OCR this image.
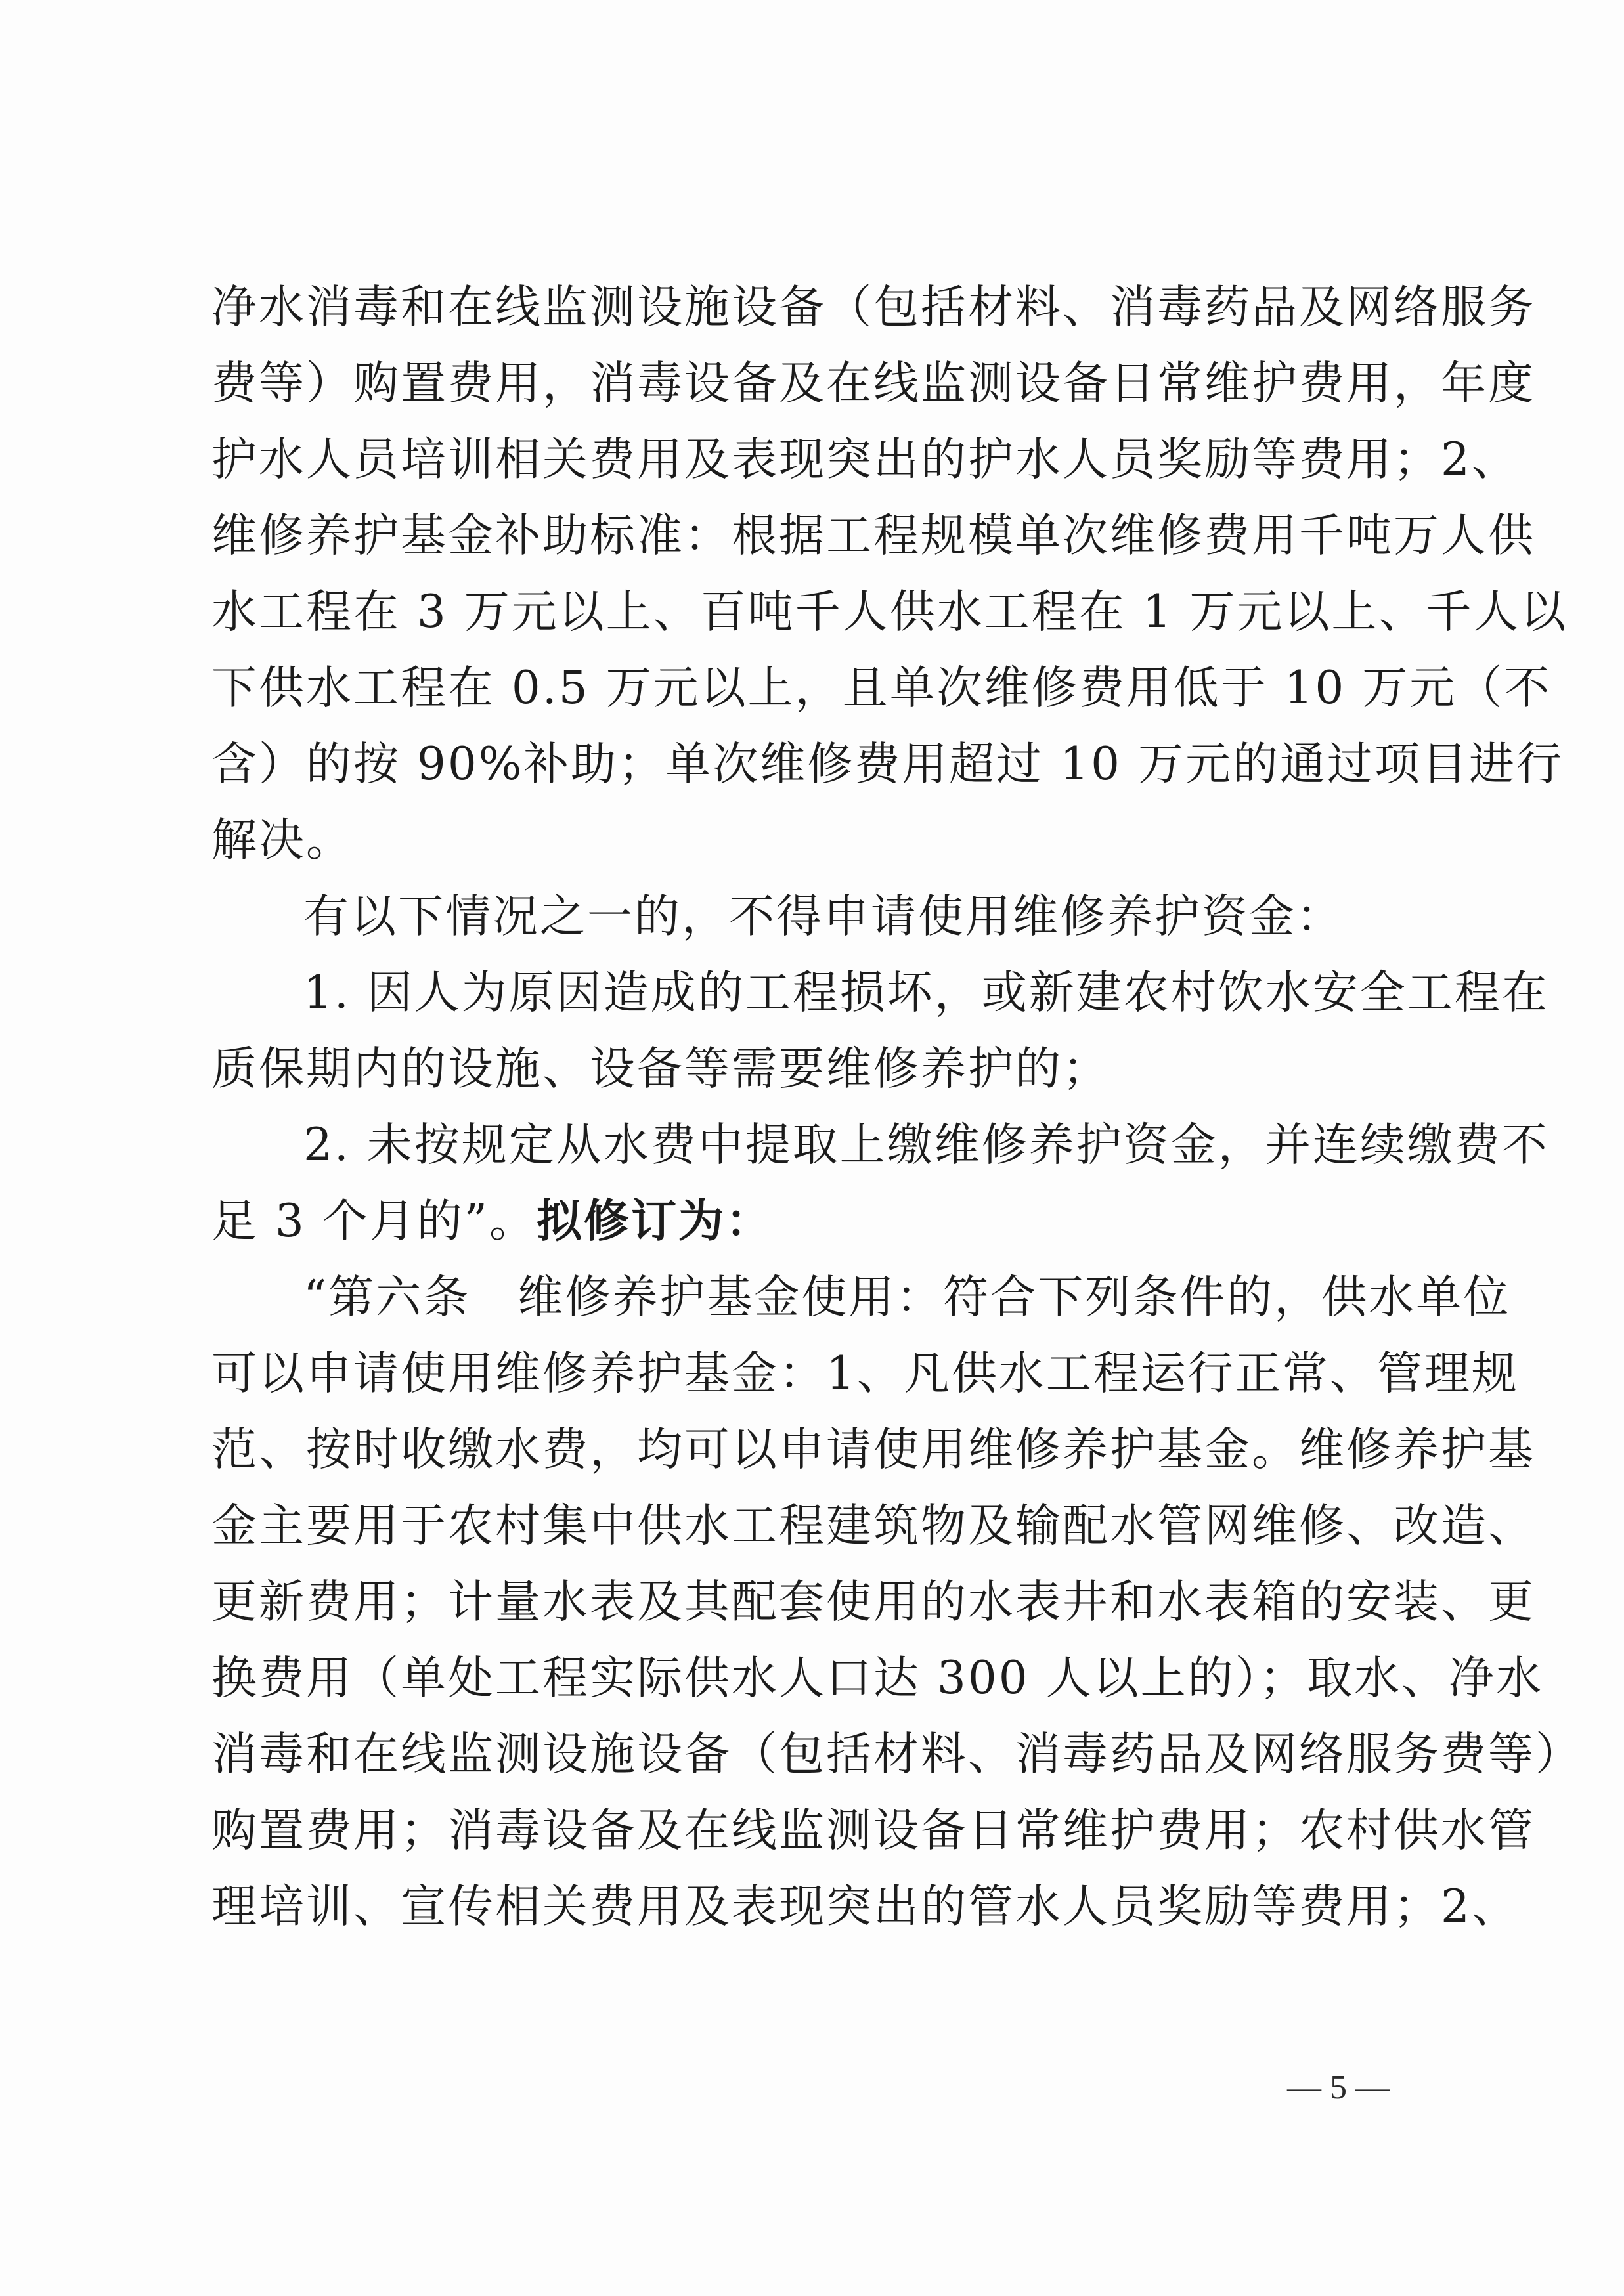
净水消毒和在线监测设施设备（包括材料、消毒药品及网络服务
费等）购置费用，消毒设备及在线监测设备日常维护费用，年度
护水人员培训相关费用及表现突出的护水人员奖励等费用；2、
维修养护基金补助标准：根据工程规模单次维修费用千吨万人供
水工程在 3 万元以上、百吨千人供水工程在 1 万元以上、千人以
下供水工程在 0.5 万元以上，且单次维修费用低于 10 万元（不
含）的按 90%补助；单次维修费用超过 10 万元的通过项目进行
解决。
有以下情况之一的，不得申请使用维修养护资金：
1. 因人为原因造成的工程损坏，或新建农村饮水安全工程在
质保期内的设施、设备等需要维修养护的；
2. 未按规定从水费中提取上缴维修养护资金，并连续缴费不
足 3 个月的”。拟修订为：
“第六条　维修养护基金使用：符合下列条件的，供水单位
可以申请使用维修养护基金：1、凡供水工程运行正常、管理规
范、按时收缴水费，均可以申请使用维修养护基金。维修养护基
金主要用于农村集中供水工程建筑物及输配水管网维修、改造、
更新费用；计量水表及其配套使用的水表井和水表箱的安装、更
换费用（单处工程实际供水人口达 300 人以上的）；取水、净水
消毒和在线监测设施设备（包括材料、消毒药品及网络服务费等）
购置费用；消毒设备及在线监测设备日常维护费用；农村供水管
理培训、宣传相关费用及表现突出的管水人员奖励等费用；2、
— 5 —
